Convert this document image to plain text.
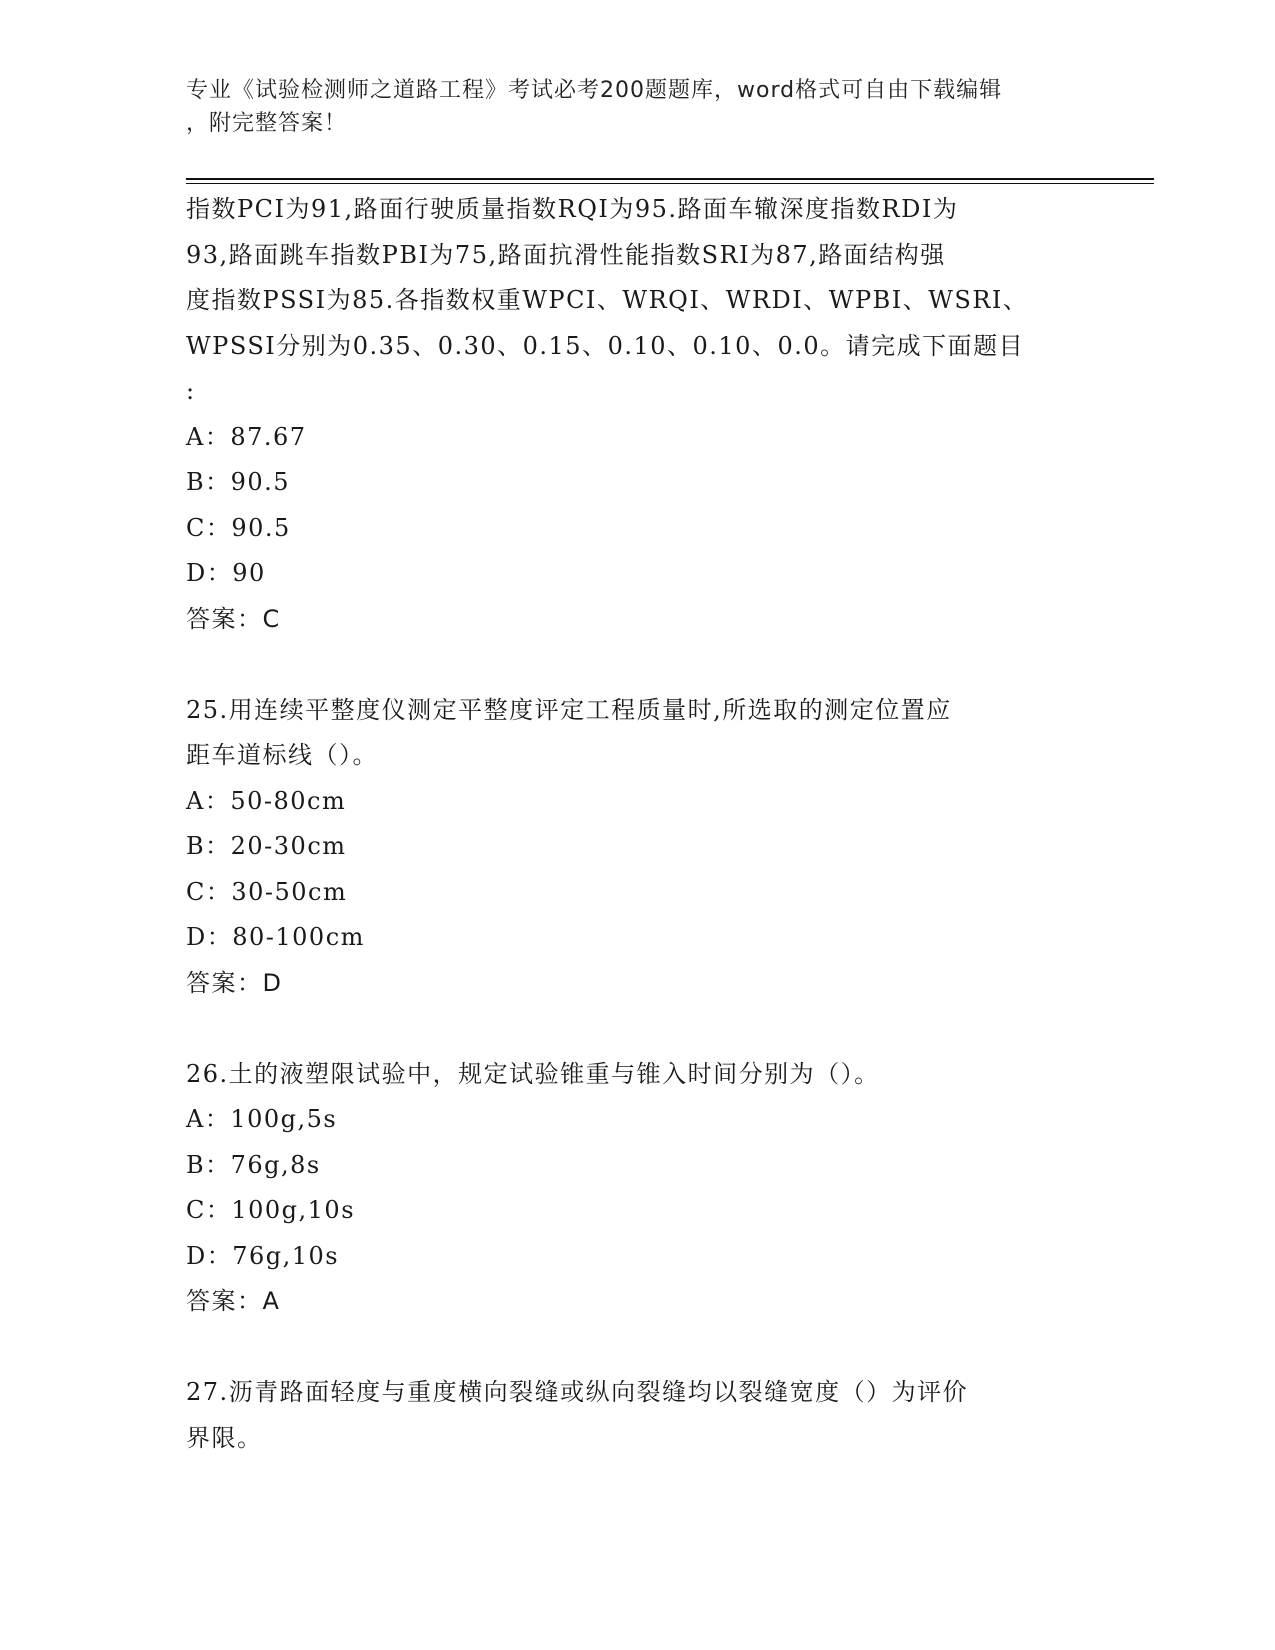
专业《试验检测师之道路工程》考试必考200题题库，word格式可自由下载编辑
，附完整答案！
指数PCI为91,路面行驶质量指数RQI为95.路面车辙深度指数RDI为
93,路面跳车指数PBI为75,路面抗滑性能指数SRI为87,路面结构强
度指数PSSI为85.各指数权重WPCI、WRQI、WRDI、WPBI、WSRI、
WPSSI分别为0.35、0.30、0.15、0.10、0.10、0.0。请完成下面题目
:
A：87.67
B：90.5
C：90.5
D：90
答案：C
25.用连续平整度仪测定平整度评定工程质量时,所选取的测定位置应
距车道标线（）。
A：50-80cm
B：20-30cm
C：30-50cm
D：80-100cm
答案：D
26.土的液塑限试验中，规定试验锥重与锥入时间分别为（）。
A：100g,5s
B：76g,8s
C：100g,10s
D：76g,10s
答案：A
27.沥青路面轻度与重度横向裂缝或纵向裂缝均以裂缝宽度（）为评价
界限。
